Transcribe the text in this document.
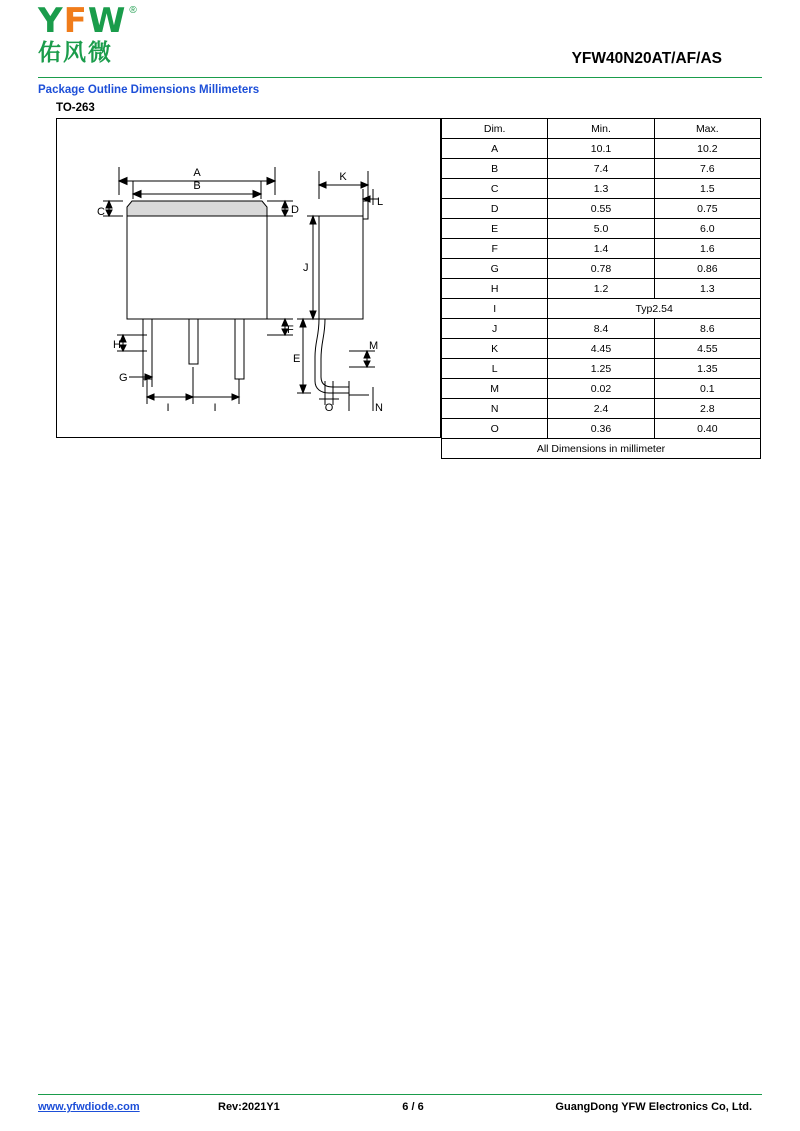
Y F W ®
佑风微	YFW40N20AT/AF/AS
Package Outline Dimensions Millimeters
TO-263
A
B
C	D
F
H
G
I	I
K
L
J
E
M
O	N
Dim.	Min.	Max.
A	10.1	10.2
B	7.4	7.6
C	1.3	1.5
D	0.55	0.75
E	5.0	6.0
F	1.4	1.6
G	0.78	0.86
H	1.2	1.3
I	Typ2.54	
J	8.4	8.6
K	4.45	4.55
L	1.25	1.35
M	0.02	0.1
N	2.4	2.8
O	0.36	0.40
All Dimensions in millimeter		
www.yfwdiode.com	Rev:2021Y1	6 / 6	GuangDong YFW Electronics Co, Ltd.
